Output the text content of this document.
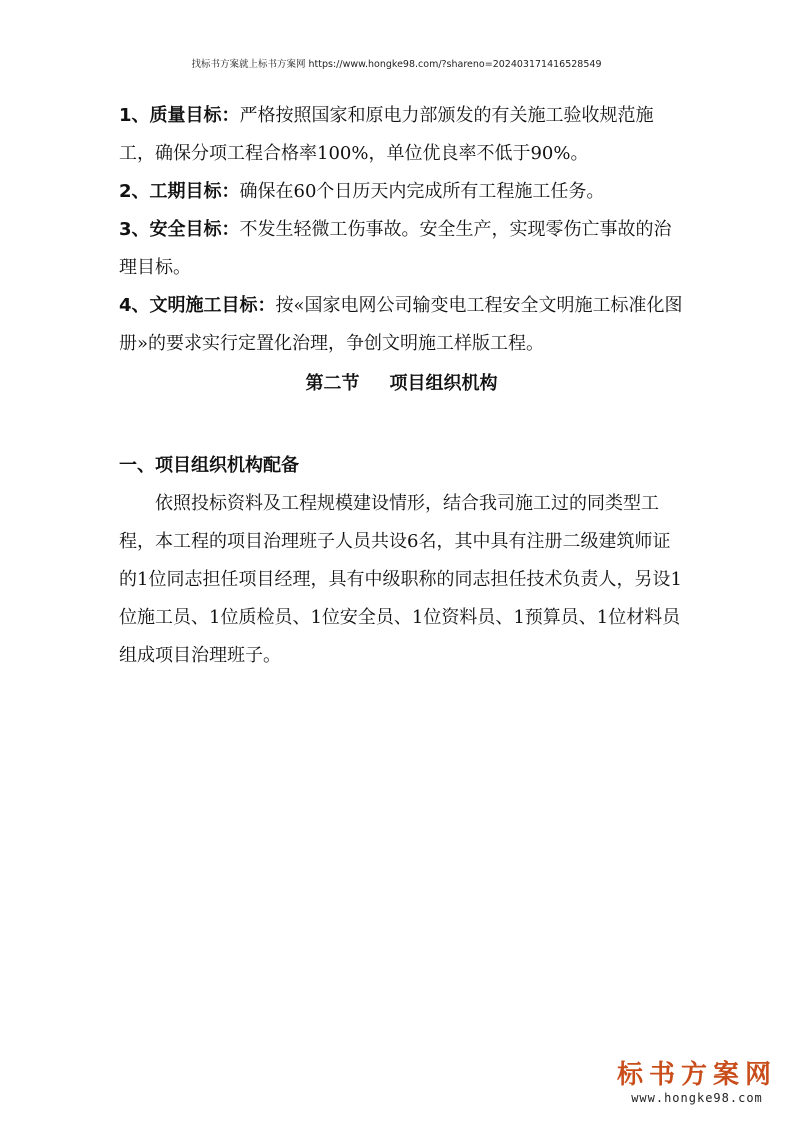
找标书方案就上标书方案网 https://www.hongke98.com/?shareno=202403171416528549

1、质量目标：严格按照国家和原电力部颁发的有关施工验收规范施工，确保分项工程合格率100%，单位优良率不低于90%。

2、工期目标：确保在60个日历天内完成所有工程施工任务。

3、安全目标：不发生轻微工伤事故。安全生产，实现零伤亡事故的治理目标。

4、文明施工目标：按«国家电网公司输变电工程安全文明施工标准化图册»的要求实行定置化治理，争创文明施工样版工程。

第二节 项目组织机构

一、项目组织机构配备

依照投标资料及工程规模建设情形，结合我司施工过的同类型工程，本工程的项目治理班子人员共设6名，其中具有注册二级建筑师证的1位同志担任项目经理，具有中级职称的同志担任技术负责人，另设1位施工员、1位质检员、1位安全员、1位资料员、1预算员、1位材料员组成项目治理班子。

标书方案网
www.hongke98.com
